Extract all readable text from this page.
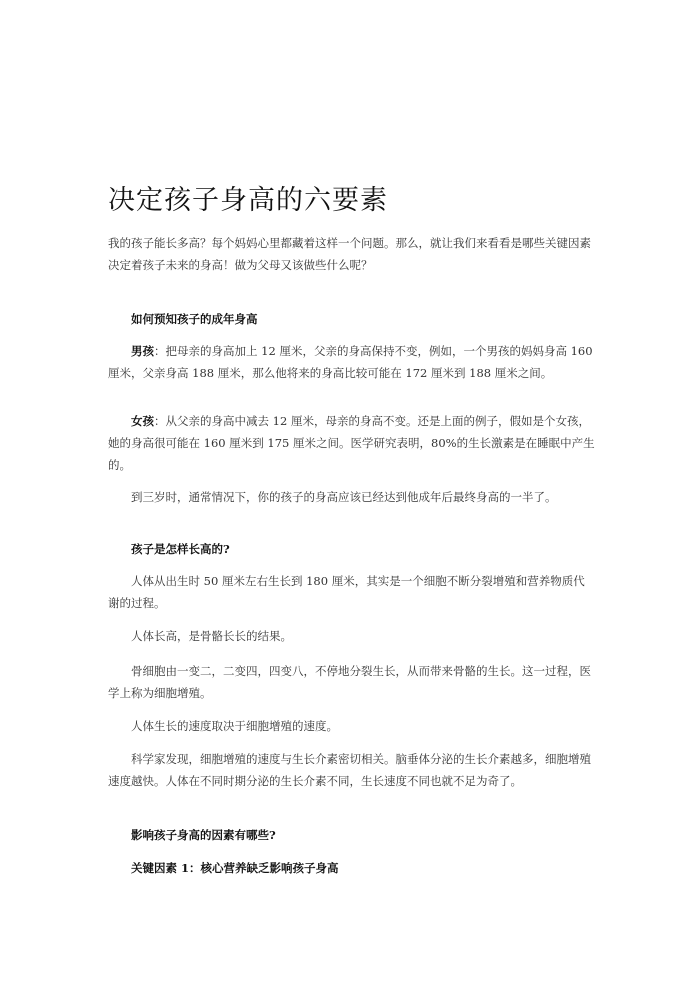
决定孩子身高的六要素

我的孩子能长多高？每个妈妈心里都藏着这样一个问题。那么，就让我们来看看是哪些关键因素决定着孩子未来的身高！做为父母又该做些什么呢？

如何预知孩子的成年身高

男孩：把母亲的身高加上 12 厘米，父亲的身高保持不变，例如，一个男孩的妈妈身高 160 厘米，父亲身高 188 厘米，那么他将来的身高比较可能在 172 厘米到 188 厘米之间。

女孩：从父亲的身高中减去 12 厘米，母亲的身高不变。还是上面的例子，假如是个女孩，她的身高很可能在 160 厘米到 175 厘米之间。医学研究表明，80%的生长激素是在睡眠中产生的。

到三岁时，通常情况下，你的孩子的身高应该已经达到他成年后最终身高的一半了。

孩子是怎样长高的?

人体从出生时 50 厘米左右生长到 180 厘米，其实是一个细胞不断分裂增殖和营养物质代谢的过程。

人体长高，是骨骼长长的结果。

骨细胞由一变二，二变四，四变八，不停地分裂生长，从而带来骨骼的生长。这一过程，医学上称为细胞增殖。

人体生长的速度取决于细胞增殖的速度。

科学家发现，细胞增殖的速度与生长介素密切相关。脑垂体分泌的生长介素越多，细胞增殖速度越快。人体在不同时期分泌的生长介素不同，生长速度不同也就不足为奇了。

影响孩子身高的因素有哪些?
关键因素 1：核心营养缺乏影响孩子身高
